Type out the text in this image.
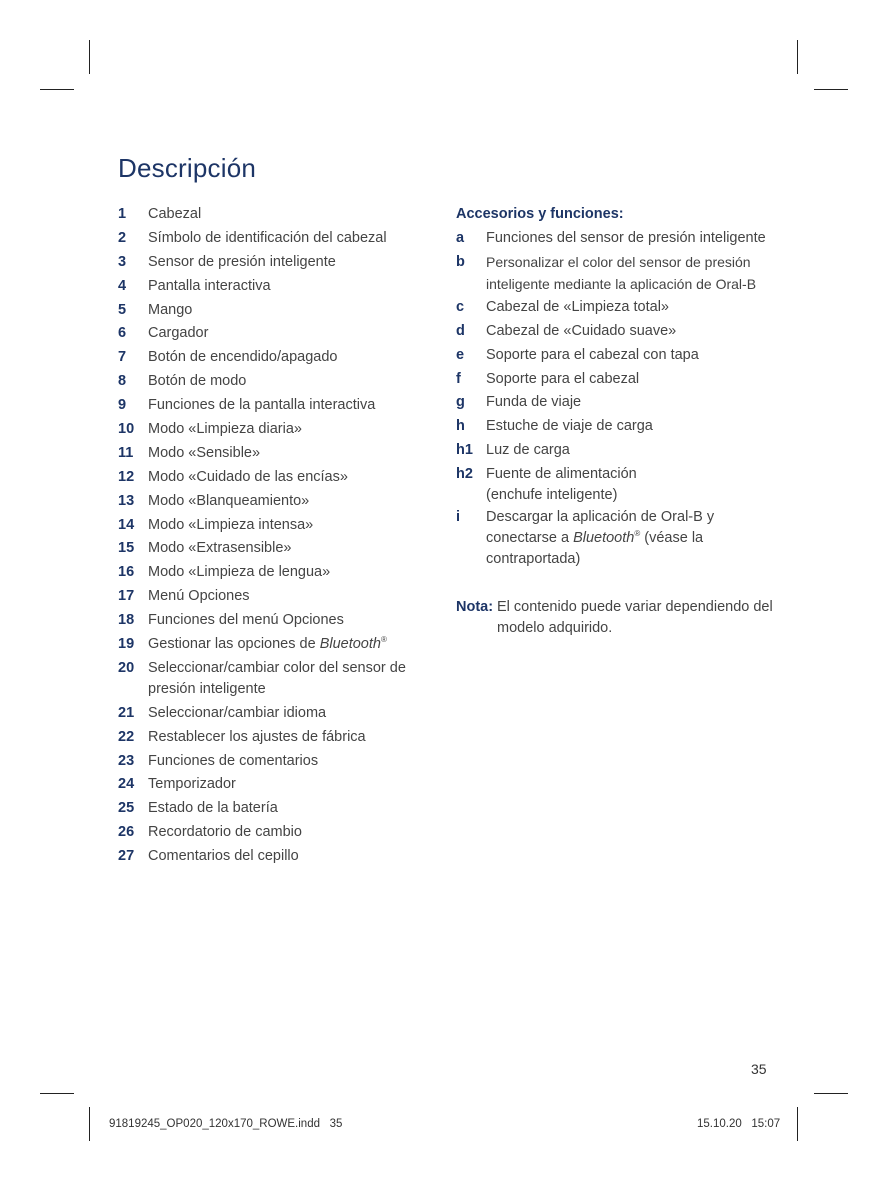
Descripción
1 Cabezal
2 Símbolo de identificación del cabezal
3 Sensor de presión inteligente
4 Pantalla interactiva
5 Mango
6 Cargador
7 Botón de encendido/apagado
8 Botón de modo
9 Funciones de la pantalla interactiva
10 Modo «Limpieza diaria»
11 Modo «Sensible»
12 Modo «Cuidado de las encías»
13 Modo «Blanqueamiento»
14 Modo «Limpieza intensa»
15 Modo «Extrasensible»
16 Modo «Limpieza de lengua»
17 Menú Opciones
18 Funciones del menú Opciones
19 Gestionar las opciones de Bluetooth®
20 Seleccionar/cambiar color del sensor de presión inteligente
21 Seleccionar/cambiar idioma
22 Restablecer los ajustes de fábrica
23 Funciones de comentarios
24 Temporizador
25 Estado de la batería
26 Recordatorio de cambio
27 Comentarios del cepillo
Accesorios y funciones:
a Funciones del sensor de presión inteligente
b Personalizar el color del sensor de presión inteligente mediante la aplicación de Oral-B
c Cabezal de «Limpieza total»
d Cabezal de «Cuidado suave»
e Soporte para el cabezal con tapa
f Soporte para el cabezal
g Funda de viaje
h Estuche de viaje de carga
h1 Luz de carga
h2 Fuente de alimentación
(enchufe inteligente)
i Descargar la aplicación de Oral-B y conectarse a Bluetooth® (véase la contraportada)
Nota: El contenido puede variar dependiendo del modelo adquirido.
35
91819245_OP020_120x170_ROWE.indd   35	15.10.20   15:07
